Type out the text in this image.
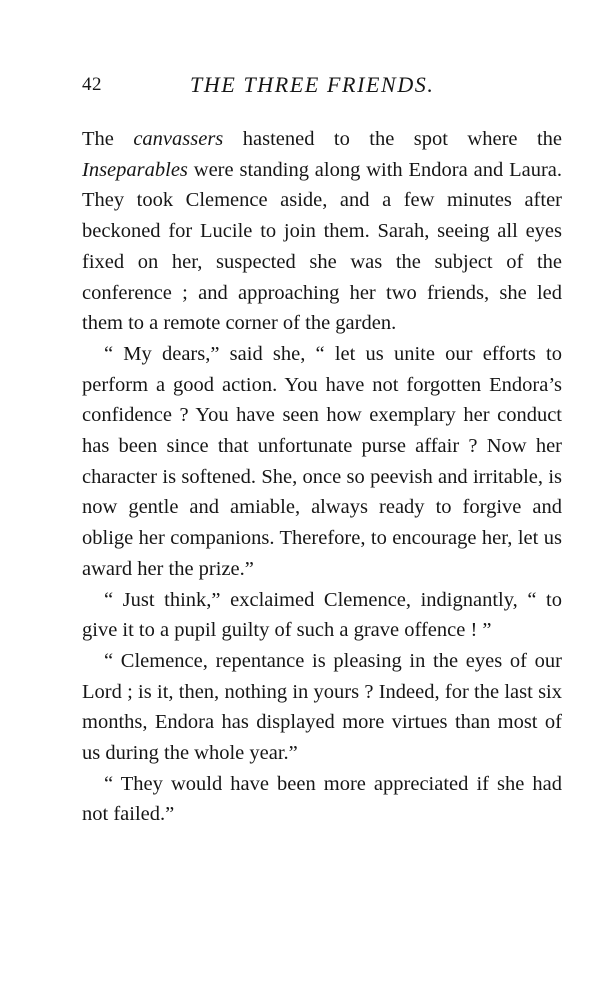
42	THE THREE FRIENDS.

The canvassers hastened to the spot where the Inseparables were standing along with Endora and Laura. They took Clemence aside, and a few minutes after beckoned for Lucile to join them. Sarah, seeing all eyes fixed on her, suspected she was the subject of the conference ; and approaching her two friends, she led them to a remote corner of the garden.

“ My dears,” said she, “ let us unite our efforts to perform a good action. You have not forgotten Endora’s confidence ? You have seen how exemplary her conduct has been since that unfortunate purse affair ? Now her character is softened. She, once so peevish and irritable, is now gentle and amiable, always ready to forgive and oblige her companions. Therefore, to encourage her, let us award her the prize.”

“ Just think,” exclaimed Clemence, indignantly, “ to give it to a pupil guilty of such a grave offence ! ”

“ Clemence, repentance is pleasing in the eyes of our Lord ; is it, then, nothing in yours ? Indeed, for the last six months, Endora has displayed more virtues than most of us during the whole year.”

“ They would have been more appreciated if she had not failed.”
